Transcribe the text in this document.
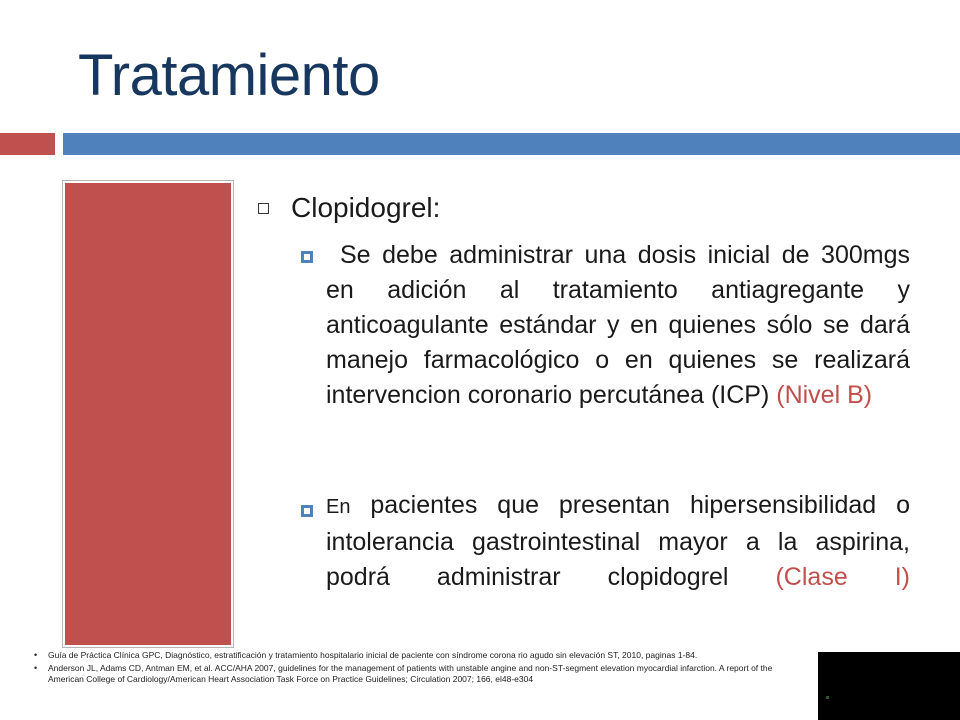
Tratamiento
Clopidogrel:
Se debe administrar una dosis inicial de 300mgs en adición al tratamiento antiagregante y anticoagulante estándar y en quienes sólo se dará manejo farmacológico o en quienes se realizará intervencion coronario percutánea (ICP) (Nivel B)
En pacientes que presentan hipersensibilidad o intolerancia gastrointestinal mayor a la aspirina, podrá administrar clopidogrel (Clase I)
• Guía de Práctica Clínica GPC, Diagnóstico, estratificación y tratamiento hospitalario inicial de paciente con síndrome corona rio agudo sin elevación ST, 2010, paginas 1-84.
• Anderson JL, Adams CD, Antman EM, et al. ACC/AHA 2007, guidelines for the management of patients with unstable angine and non-ST-segment elevation myocardial infarction. A report of the American College of Cardiology/American Heart Association Task Force on Practice Guidelines; Circulation 2007; 166, el48-e304
